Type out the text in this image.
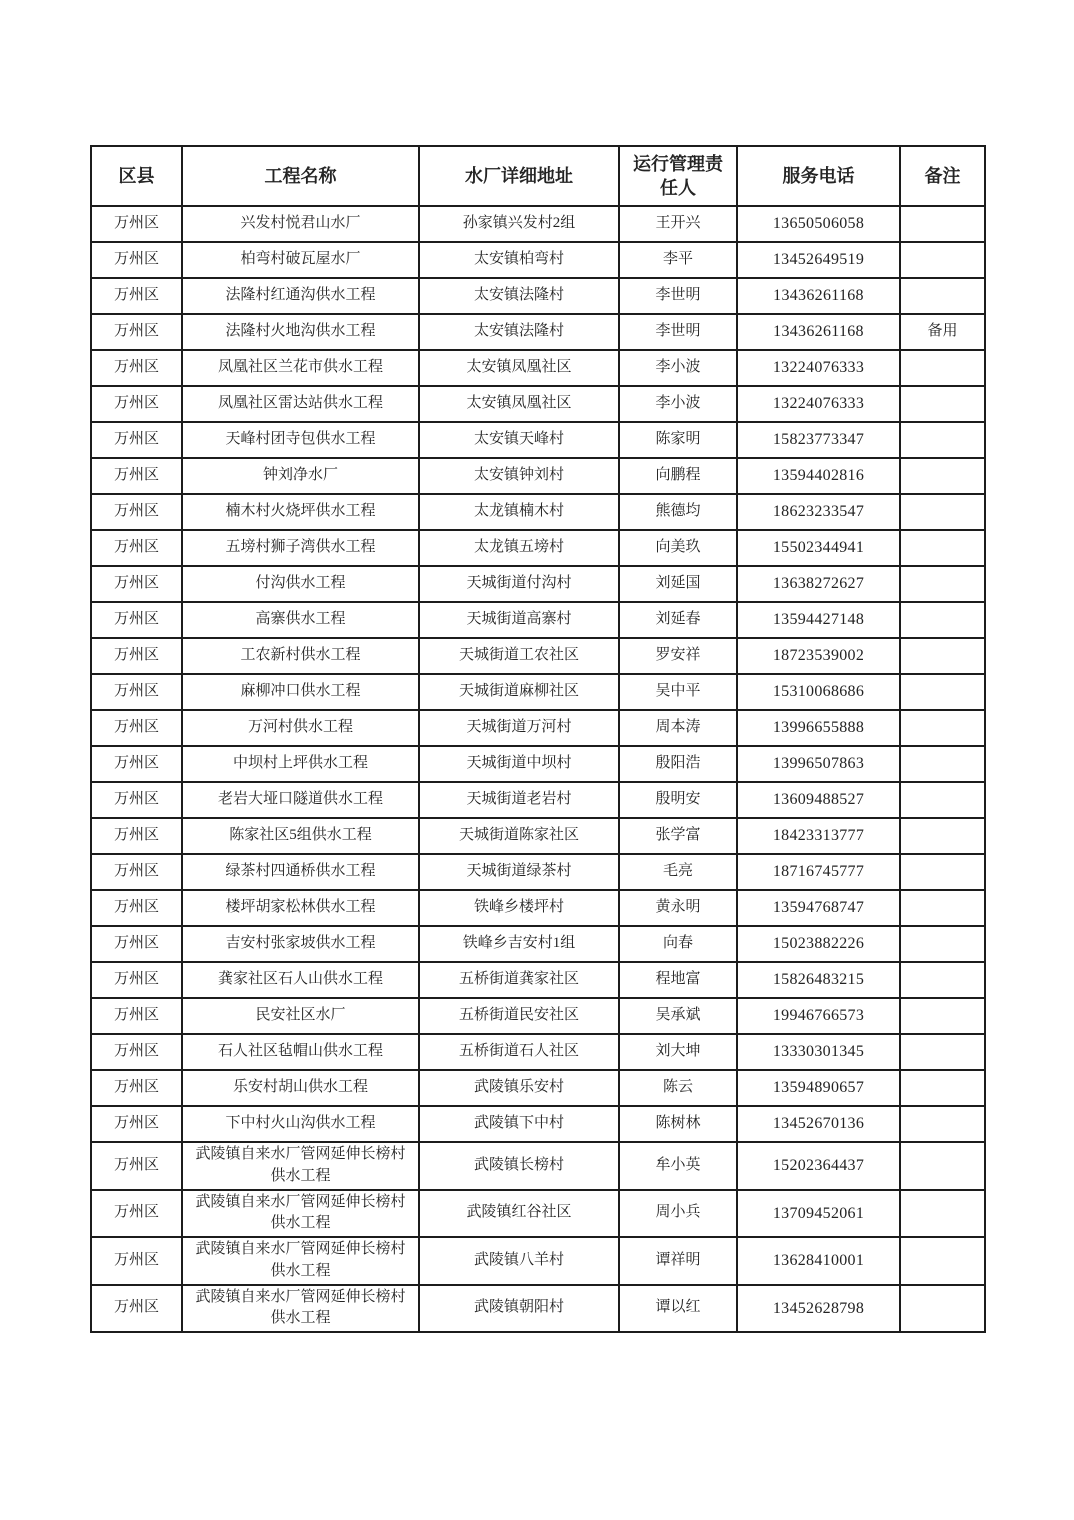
区县	工程名称	水厂详细地址	运行管理责任人	服务电话	备注
万州区	兴发村悦君山水厂	孙家镇兴发村2组	王开兴	13650506058	
万州区	柏弯村破瓦屋水厂	太安镇柏弯村	李平	13452649519	
万州区	法隆村红通沟供水工程	太安镇法隆村	李世明	13436261168	
万州区	法隆村火地沟供水工程	太安镇法隆村	李世明	13436261168	备用
万州区	凤凰社区兰花市供水工程	太安镇凤凰社区	李小波	13224076333	
万州区	凤凰社区雷达站供水工程	太安镇凤凰社区	李小波	13224076333	
万州区	天峰村团寺包供水工程	太安镇天峰村	陈家明	15823773347	
万州区	钟刘净水厂	太安镇钟刘村	向鹏程	13594402816	
万州区	楠木村火烧坪供水工程	太龙镇楠木村	熊德均	18623233547	
万州区	五塝村狮子湾供水工程	太龙镇五塝村	向美玖	15502344941	
万州区	付沟供水工程	天城街道付沟村	刘延国	13638272627	
万州区	高寨供水工程	天城街道高寨村	刘延春	13594427148	
万州区	工农新村供水工程	天城街道工农社区	罗安祥	18723539002	
万州区	麻柳冲口供水工程	天城街道麻柳社区	吴中平	15310068686	
万州区	万河村供水工程	天城街道万河村	周本涛	13996655888	
万州区	中坝村上坪供水工程	天城街道中坝村	殷阳浩	13996507863	
万州区	老岩大垭口隧道供水工程	天城街道老岩村	殷明安	13609488527	
万州区	陈家社区5组供水工程	天城街道陈家社区	张学富	18423313777	
万州区	绿茶村四通桥供水工程	天城街道绿茶村	毛亮	18716745777	
万州区	楼坪胡家松林供水工程	铁峰乡楼坪村	黄永明	13594768747	
万州区	吉安村张家坡供水工程	铁峰乡吉安村1组	向春	15023882226	
万州区	龚家社区石人山供水工程	五桥街道龚家社区	程地富	15826483215	
万州区	民安社区水厂	五桥街道民安社区	吴承斌	19946766573	
万州区	石人社区毡帽山供水工程	五桥街道石人社区	刘大坤	13330301345	
万州区	乐安村胡山供水工程	武陵镇乐安村	陈云	13594890657	
万州区	下中村火山沟供水工程	武陵镇下中村	陈树林	13452670136	
万州区	武陵镇自来水厂管网延伸长榜村供水工程	武陵镇长榜村	牟小英	15202364437	
万州区	武陵镇自来水厂管网延伸长榜村供水工程	武陵镇红谷社区	周小兵	13709452061	
万州区	武陵镇自来水厂管网延伸长榜村供水工程	武陵镇八羊村	谭祥明	13628410001	
万州区	武陵镇自来水厂管网延伸长榜村供水工程	武陵镇朝阳村	谭以红	13452628798	
